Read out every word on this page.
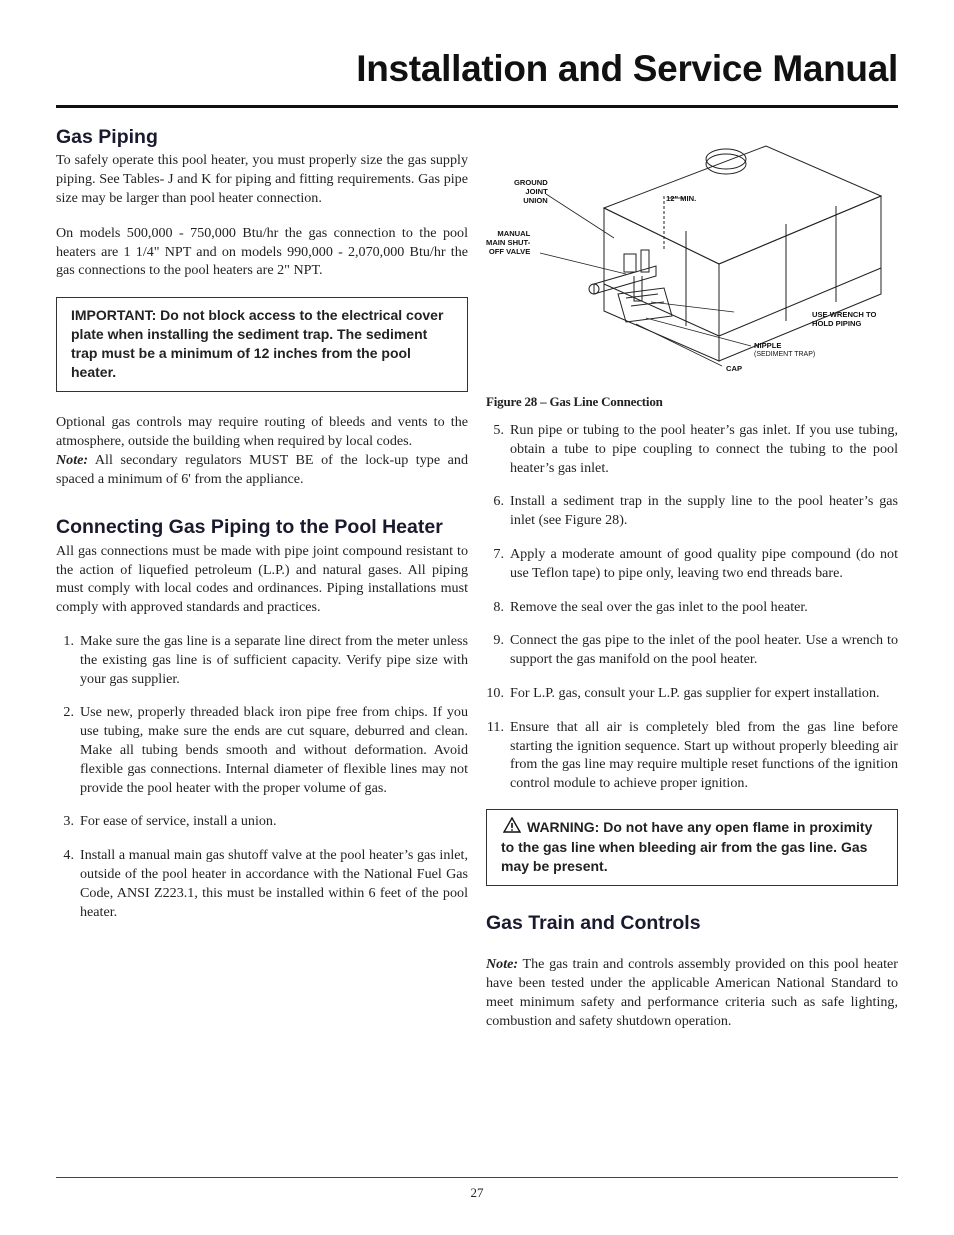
Installation and Service Manual
Gas Piping

To safely operate this pool heater, you must properly size the gas supply piping. See Tables- J and K for piping and fitting requirements. Gas pipe size may be larger than pool heater connection.

On models 500,000 - 750,000 Btu/hr the gas connection to the pool heaters are 1 1/4" NPT and on models 990,000 - 2,070,000 Btu/hr the gas connections to the pool heaters are 2" NPT.

IMPORTANT: Do not block access to the electrical cover plate when installing the sediment trap. The sediment trap must be a minimum of 12 inches from the pool heater.

Optional gas controls may require routing of bleeds and vents to the atmosphere, outside the building when required by local codes.

Note: All secondary regulators MUST BE of the lock-up type and spaced a minimum of 6' from the appliance.

Connecting Gas Piping to the Pool Heater

All gas connections must be made with pipe joint compound resistant to the action of liquefied petroleum (L.P.) and natural gases. All piping must comply with local codes and ordinances. Piping installations must comply with approved standards and practices.

1. Make sure the gas line is a separate line direct from the meter unless the existing gas line is of sufficient capacity. Verify pipe size with your gas supplier.
2. Use new, properly threaded black iron pipe free from chips. If you use tubing, make sure the ends are cut square, deburred and clean. Make all tubing bends smooth and without deformation. Avoid flexible gas connections. Internal diameter of flexible lines may not provide the pool heater with the proper volume of gas.
3. For ease of service, install a union.
4. Install a manual main gas shutoff valve at the pool heater’s gas inlet, outside of the pool heater in accordance with the National Fuel Gas Code, ANSI Z223.1, this must be installed within 6 feet of the pool heater.
GROUND
JOINT
UNION
MANUAL
MAIN SHUT-
OFF VALVE
12" MIN.
USE WRENCH TO
HOLD PIPING
NIPPLE
(SEDIMENT TRAP)
CAP
Figure 28 – Gas Line Connection
5. Run pipe or tubing to the pool heater’s gas inlet. If you use tubing, obtain a tube to pipe coupling to connect the tubing to the pool heater’s gas inlet.
6. Install a sediment trap in the supply line to the pool heater’s gas inlet (see Figure 28).
7. Apply a moderate amount of good quality pipe compound (do not use Teflon tape) to pipe only, leaving two end threads bare.
8. Remove the seal over the gas inlet to the pool heater.
9. Connect the gas pipe to the inlet of the pool heater. Use a wrench to support the gas manifold on the pool heater.
10. For L.P. gas, consult your L.P. gas supplier for expert installation.
11. Ensure that all air is completely bled from the gas line before starting the ignition sequence. Start up without properly bleeding air from the gas line may require multiple reset functions of the ignition control module to achieve proper ignition.
WARNING: Do not have any open flame in proximity to the gas line when bleeding air from the gas line. Gas may be present.
Gas Train and Controls

Note: The gas train and controls assembly provided on this pool heater have been tested under the applicable American National Standard to meet minimum safety and performance criteria such as safe lighting, combustion and safety shutdown operation.

27
